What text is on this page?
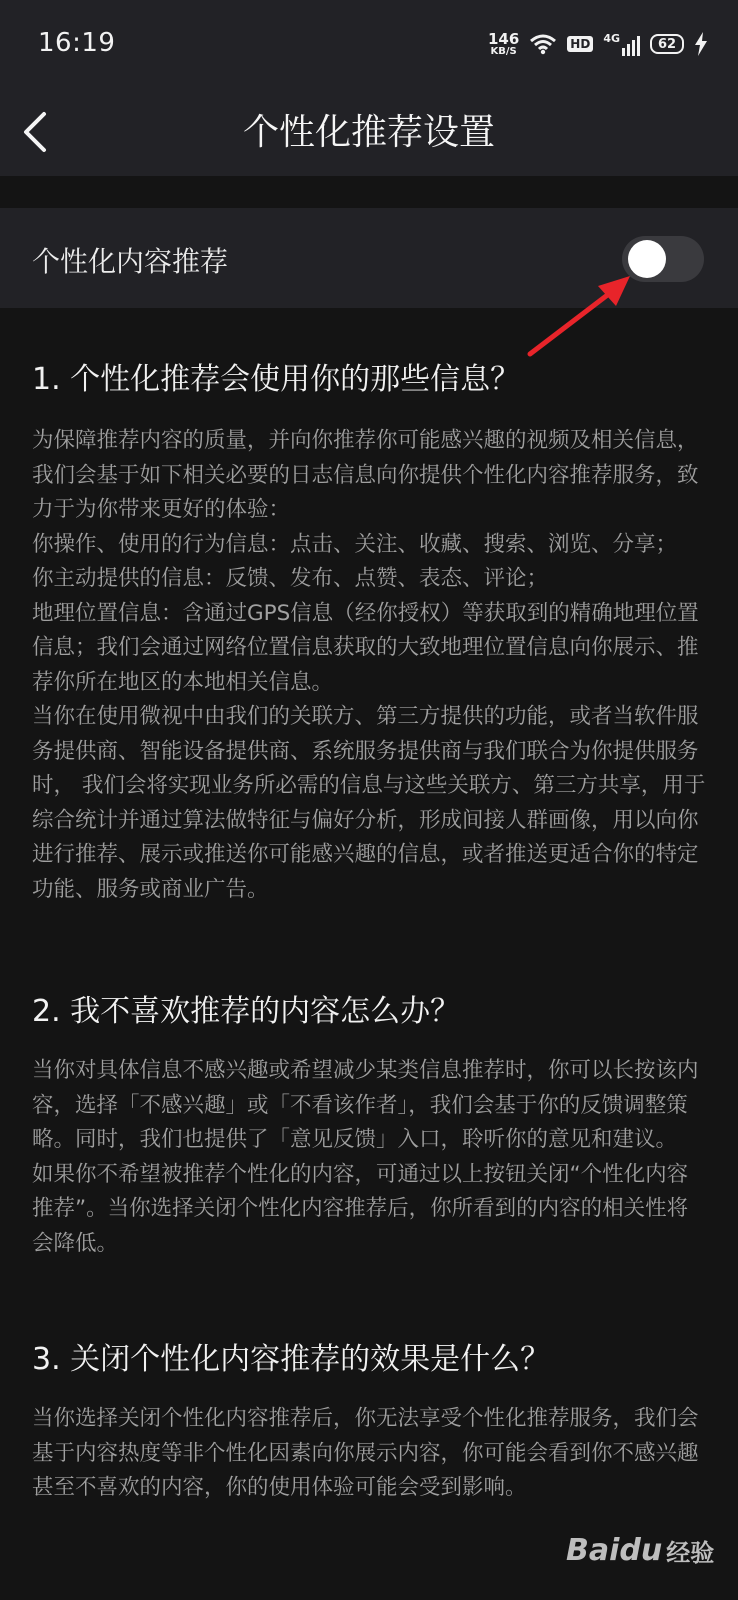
16:19	146
KB/S	HD 4G	62
个性化推荐设置
个性化内容推荐
1. 个性化推荐会使用你的那些信息？

为保障推荐内容的质量，并向你推荐你可能感兴趣的视频及相关信息，我们会基于如下相关必要的日志信息向你提供个性化内容推荐服务，致力于为你带来更好的体验：

你操作、使用的行为信息：点击、关注、收藏、搜索、浏览、分享；

你主动提供的信息：反馈、发布、点赞、表态、评论；

地理位置信息：含通过GPS信息（经你授权）等获取到的精确地理位置信息；我们会通过网络位置信息获取的大致地理位置信息向你展示、推荐你所在地区的本地相关信息。

当你在使用微视中由我们的关联方、第三方提供的功能，或者当软件服务提供商、智能设备提供商、系统服务提供商与我们联合为你提供服务时， 我们会将实现业务所必需的信息与这些关联方、第三方共享，用于综合统计并通过算法做特征与偏好分析，形成间接人群画像，用以向你进行推荐、展示或推送你可能感兴趣的信息，或者推送更适合你的特定功能、服务或商业广告。

2. 我不喜欢推荐的内容怎么办？

当你对具体信息不感兴趣或希望减少某类信息推荐时，你可以长按该内容，选择「不感兴趣」或「不看该作者」，我们会基于你的反馈调整策略。同时，我们也提供了「意见反馈」入口，聆听你的意见和建议。

如果你不希望被推荐个性化的内容，可通过以上按钮关闭“个性化内容推荐”。当你选择关闭个性化内容推荐后，你所看到的内容的相关性将会降低。

3. 关闭个性化内容推荐的效果是什么？

当你选择关闭个性化内容推荐后，你无法享受个性化推荐服务，我们会基于内容热度等非个性化因素向你展示内容，你可能会看到你不感兴趣甚至不喜欢的内容，你的使用体验可能会受到影响。

Baidu 经验
